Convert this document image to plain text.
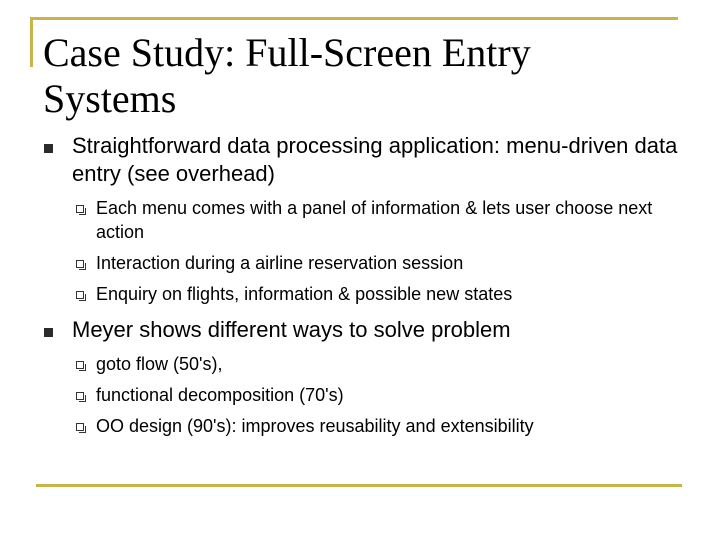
Case Study: Full‐Screen Entry Systems
Straightforward data processing application: menu‐driven data entry (see overhead)
Each menu comes with a panel of information & lets user choose next action
Interaction during a airline reservation session
Enquiry on flights, information & possible new states
Meyer shows different ways to solve problem
goto flow (50's),
functional decomposition (70's)
OO design (90's): improves reusability and extensibility
